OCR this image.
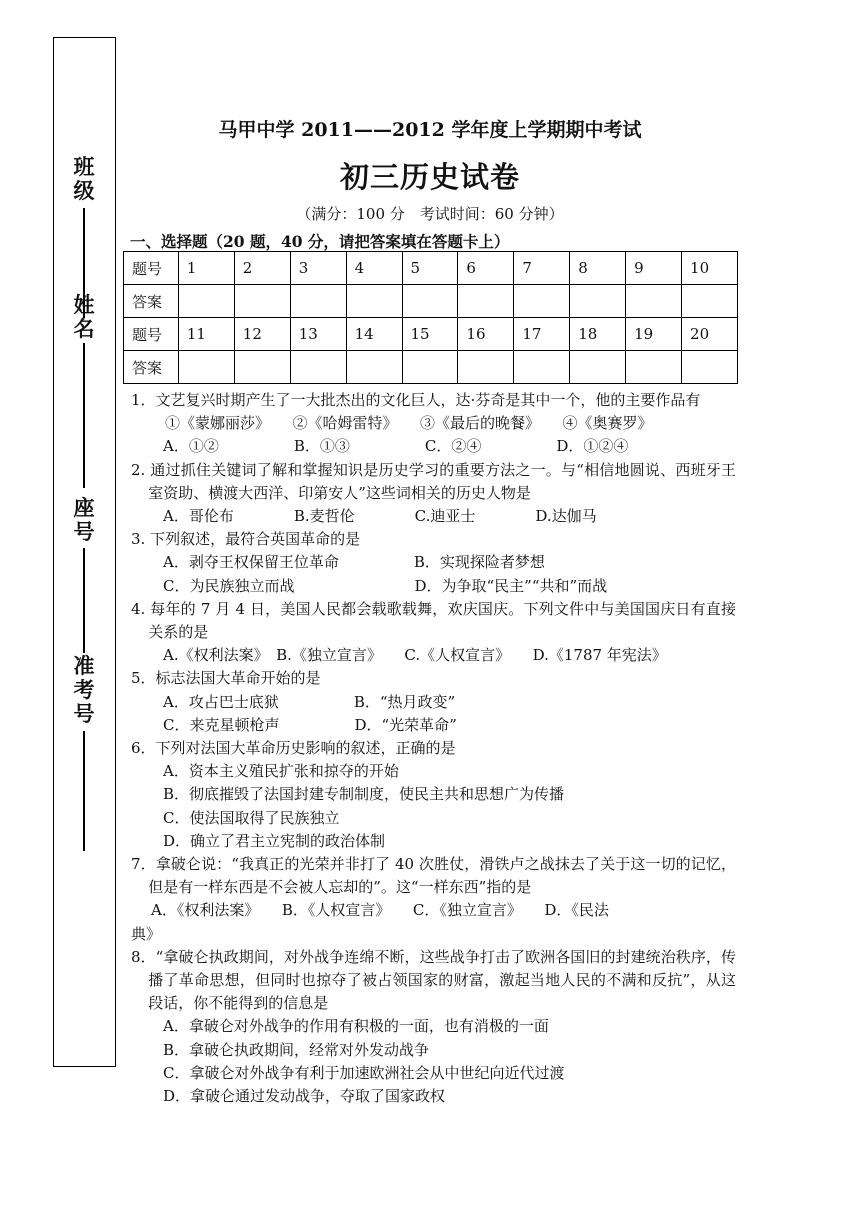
班级
姓名
座号
准考号
马甲中学 2011——2012 学年度上学期期中考试
初三历史试卷
（满分：100 分　考试时间：60 分钟）
一、选择题（20 题，40 分，请把答案填在答题卡上）
题号	1	2	3	4	5	6	7	8	9	10
答案										
题号	11	12	13	14	15	16	17	18	19	20
答案										

1．文艺复兴时期产生了一大批杰出的文化巨人，达·芬奇是其中一个，他的主要作品有

①《蒙娜丽莎》　　②《哈姆雷特》　　③《最后的晚餐》　　④《奥赛罗》

A．①②　　　　　B．①③　　　　　C．②④　　　　　D．①②④

2. 通过抓住关键词了解和掌握知识是历史学习的重要方法之一。与“相信地圆说、西班牙王室资助、横渡大西洋、印第安人”这些词相关的历史人物是

A．哥伦布　　　　B.麦哲伦　　　　C.迪亚士　　　　D.达伽马

3. 下列叙述，最符合英国革命的是

A．剥夺王权保留王位革命　　　　　B．实现探险者梦想

C．为民族独立而战　　　　　　　　D．为争取“民主”“共和”而战

4. 每年的 7 月 4 日，美国人民都会载歌载舞，欢庆国庆。下列文件中与美国国庆日有直接关系的是

A.《权利法案》　B.《独立宣言》　　C.《人权宣言》　　D.《1787 年宪法》

5．标志法国大革命开始的是

A．攻占巴士底狱　　　　　B．“热月政变”

C．来克星顿枪声　　　　　D．“光荣革命”

6．下列对法国大革命历史影响的叙述，正确的是

A．资本主义殖民扩张和掠夺的开始

B．彻底摧毁了法国封建专制制度，使民主共和思想广为传播

C．使法国取得了民族独立

D．确立了君主立宪制的政治体制

7．拿破仑说：“我真正的光荣并非打了 40 次胜仗，滑铁卢之战抹去了关于这一切的记忆，但是有一样东西是不会被人忘却的”。这“一样东西”指的是

A．《权利法案》　　B．《人权宣言》　　C．《独立宣言》　　D．《民法

典》

8．“拿破仑执政期间，对外战争连绵不断，这些战争打击了欧洲各国旧的封建统治秩序，传播了革命思想，但同时也掠夺了被占领国家的财富，激起当地人民的不满和反抗”，从这段话，你不能得到的信息是

A．拿破仑对外战争的作用有积极的一面，也有消极的一面

B．拿破仑执政期间，经常对外发动战争

C．拿破仑对外战争有利于加速欧洲社会从中世纪向近代过渡

D．拿破仑通过发动战争，夺取了国家政权
